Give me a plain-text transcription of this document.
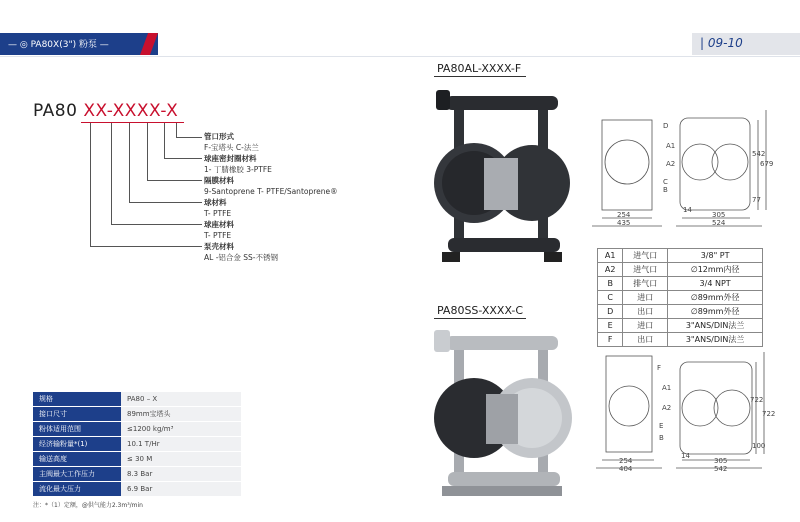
— ◎ PA80X(3") 粉泵 —	| 09-10
PA80 XX-XXXX-X
管口形式
F-宝塔头 C-法兰
球座密封圈材料
1- 丁腈橡胶 3-PTFE
隔膜材料
9-Santoprene T- PTFE/Santoprene®
球材料
T- PTFE
球座材料
T- PTFE
泵壳材料
AL -铝合金 SS-不锈钢
规格	PA80 – X
接口尺寸	89mm宝塔头
粉体适用范围	≤1200 kg/m³
经济输粉量*(1)	10.1 T/Hr
输送高度	≤ 30 M
主阀最大工作压力	8.3 Bar
流化最大压力	6.9 Bar
注：*（1）定额，@供气能力2.3m³/min
PA80AL-XXXX-F
PA80SS-XXXX-C
D
A1
A2
C
B
254
435
305
524
14
542
679
77
A1	进气口	3/8" PT
A2	进气口	∅12mm内径
B	排气口	3/4 NPT
C	进口	∅89mm外径
D	出口	∅89mm外径
E	进口	3"ANS/DIN法兰
F	出口	3"ANS/DIN法兰
F
A1
A2
E
B
254
404
305
542
14
722
100
722
